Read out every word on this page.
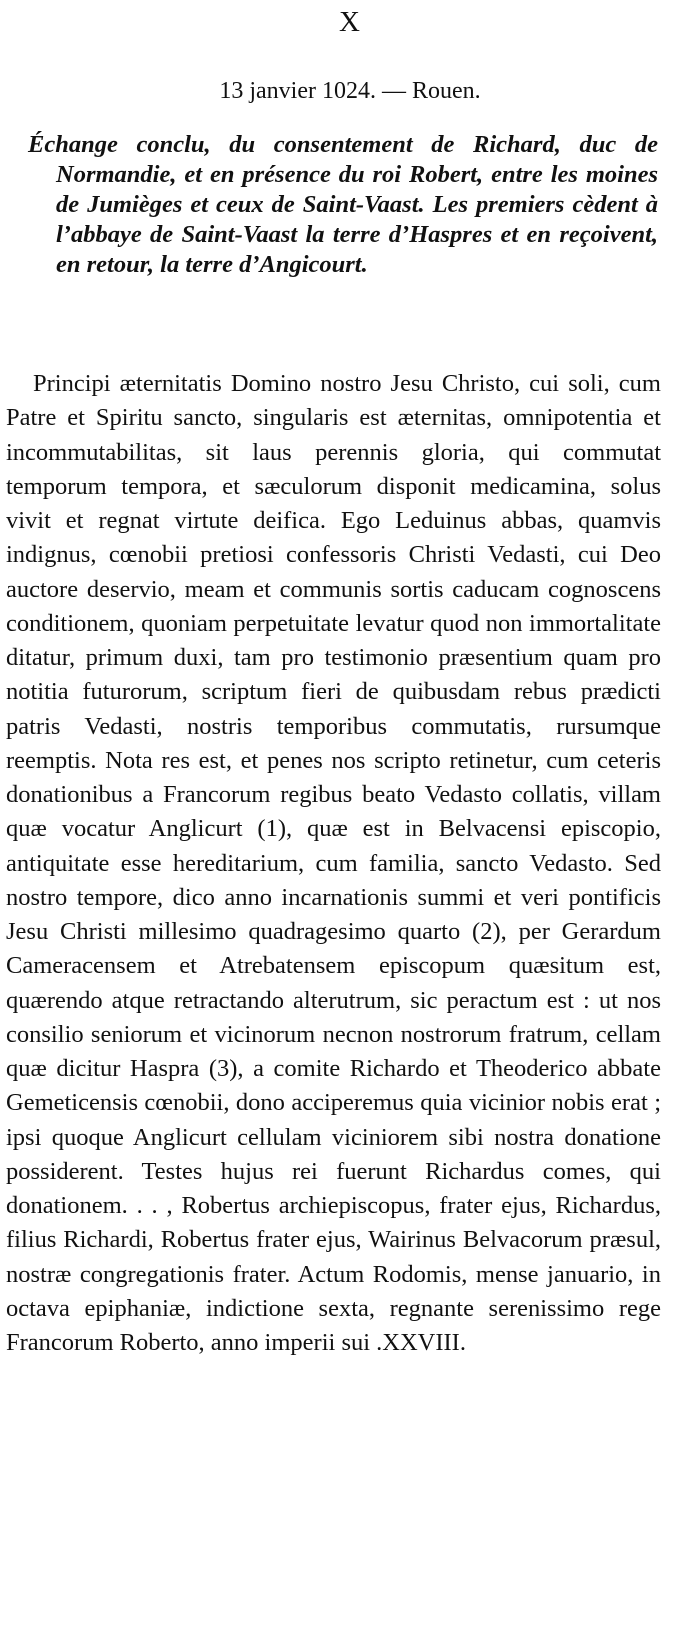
X
13 janvier 1024. — Rouen.

Échange conclu, du consentement de Richard, duc de Normandie, et en présence du roi Robert, entre les moines de Jumièges et ceux de Saint-Vaast. Les premiers cèdent à l’abbaye de Saint-Vaast la terre d’Haspres et en reçoivent, en retour, la terre d’Angicourt.

Principi æternitatis Domino nostro Jesu Christo, cui soli, cum Patre et Spiritu sancto, singularis est æternitas, omnipotentia et incommutabilitas, sit laus perennis gloria, qui commutat temporum tempora, et sæculorum disponit medicamina, solus vivit et regnat virtute deifica. Ego Leduinus abbas, quamvis indignus, cœnobii pretiosi confessoris Christi Vedasti, cui Deo auctore deservio, meam et communis sortis caducam cognoscens conditionem, quoniam perpetuitate levatur quod non immortalitate ditatur, primum duxi, tam pro testimonio præsentium quam pro notitia futurorum, scriptum fieri de quibusdam rebus prædicti patris Vedasti, nostris temporibus commutatis, rursumque reemptis. Nota res est, et penes nos scripto retinetur, cum ceteris donationibus a Francorum regibus beato Vedasto collatis, villam quæ vocatur Anglicurt (1), quæ est in Belvacensi episcopio, antiquitate esse hereditarium, cum familia, sancto Vedasto. Sed nostro tempore, dico anno incarnationis summi et veri pontificis Jesu Christi millesimo quadragesimo quarto (2), per Gerardum Cameracensem et Atrebatensem episcopum quæsitum est, quærendo atque retractando alterutrum, sic peractum est : ut nos consilio seniorum et vicinorum necnon nostrorum fratrum, cellam quæ dicitur Haspra (3), a comite Richardo et Theoderico abbate Gemeticensis cœnobii, dono acciperemus quia vicinior nobis erat ; ipsi quoque Anglicurt cellulam viciniorem sibi nostra donatione possiderent. Testes hujus rei fuerunt Richardus comes, qui donationem. . . , Robertus archiepiscopus, frater ejus, Richardus, filius Richardi, Robertus frater ejus, Wairinus Belvacorum præsul, nostræ congregationis frater. Actum Rodomis, mense januario, in octava epiphaniæ, indictione sexta, regnante serenissimo rege Francorum Roberto, anno imperii sui .XXVIII.
